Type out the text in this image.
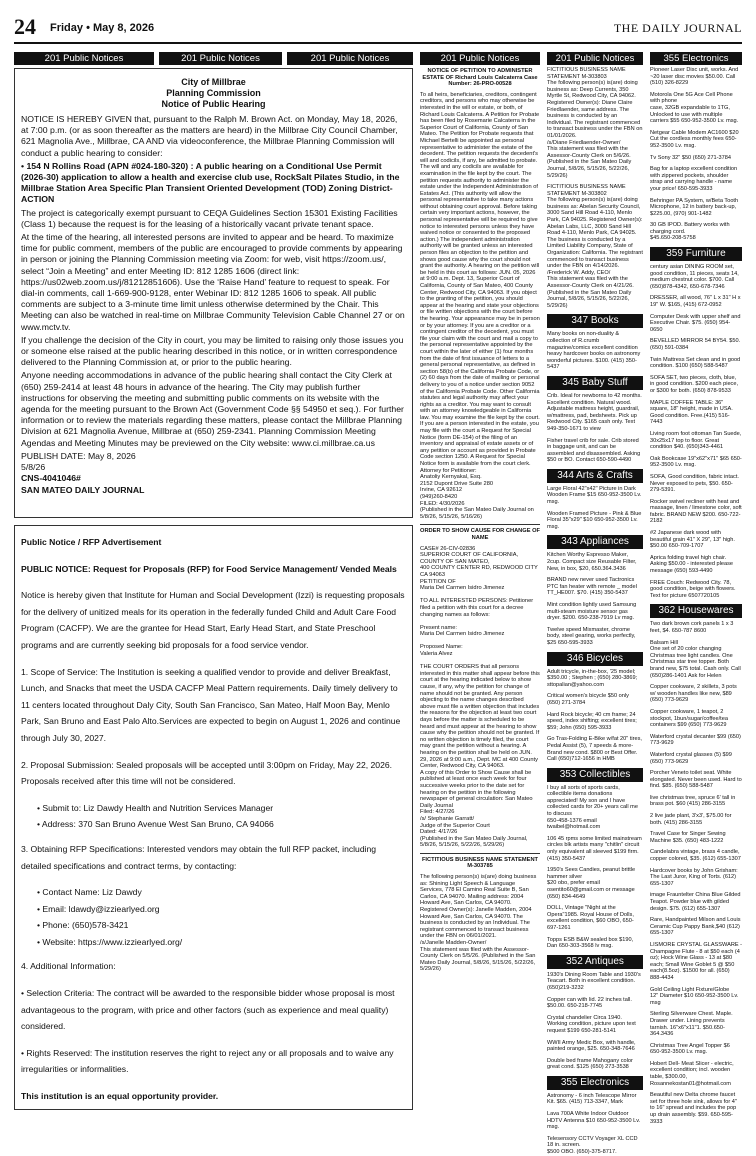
24 Friday • May 8, 2026	THE DAILY JOURNAL
201 Public Notices	201 Public Notices	201 Public Notices
City of Millbrae
Planning Commission
Notice of Public Hearing

NOTICE IS HEREBY GIVEN that, pursuant to the Ralph M. Brown Act. on Monday, May 18, 2026, at 7:00 p.m. (or as soon thereafter as the matters are heard) in the Millbrae City Council Chamber, 621 Magnolia Ave., Millbrae, CA AND via videoconference, the Millbrae Planning Commission will conduct a public hearing to consider:

• 154 N Rollins Road (APN #024-180-320) : A public hearing on a Conditional Use Permit (2026-30) application to allow a health and exercise club use, RockSalt Pilates Studio, in the Millbrae Station Area Specific Plan Transient Oriented Development (TOD) Zoning District-ACTION

The project is categorically exempt pursuant to CEQA Guidelines Section 15301 Existing Facilities (Class 1) because the request is for the leasing of a historically vacant private tenant space.

At the time of the hearing, all interested persons are invited to appear and be heard. To maximize time for public comment, members of the public are encouraged to provide comments by appearing in person or joining the Planning Commission meeting via Zoom: for web, visit https://zoom.us/, select “Join a Meeting” and enter Meeting ID: 812 1285 1606 (direct link: https://us02web.zoom.us/j/81212851606). Use the ‘Raise Hand’ feature to request to speak. For dial-in comments, call 1-669-900-9128, enter Webinar ID: 812 1285 1606 to speak. All public comments are subject to a 3-minute time limit unless otherwise determined by the Chair. This Meeting can also be watched in real-time on Millbrae Community Television Cable Channel 27 or on www.mctv.tv.

If you challenge the decision of the City in court, you may be limited to raising only those issues you or someone else raised at the public hearing described in this notice, or in written correspondence delivered to the Planning Commission at, or prior to the public hearing.

Anyone needing accommodations in advance of the public hearing shall contact the City Clerk at (650) 259-2414 at least 48 hours in advance of the hearing. The City may publish further instructions for observing the meeting and submitting public comments on its website with the agenda for the meeting pursuant to the Brown Act (Government Code §§ 54950 et seq.). For further information or to review the materials regarding these matters, please contact the Millbrae Planning Division at 621 Magnolia Avenue, Millbrae at (650) 259-2341. Planning Commission Meeting Agendas and Meeting Minutes may be previewed on the City website: www.ci.millbrae.ca.us

PUBLISH DATE: May 8, 2026
5/8/26
CNS-4041046#
SAN MATEO DAILY JOURNAL

Public Notice / RFP Advertisement

PUBLIC NOTICE: Request for Proposals (RFP) for Food Service Management/ Vended Meals

Notice is hereby given that Institute for Human and Social Development (Izzi) is requesting proposals for the delivery of unitized meals for its operation in the federally funded Child and Adult Care Food Program (CACFP). We are the grantee for Head Start, Early Head Start, and State Preschool programs and are currently seeking bid proposals for a food service vendor.

1. Scope of Service: The Institution is seeking a qualified vendor to provide and deliver Breakfast, Lunch, and Snacks that meet the USDA CACFP Meal Pattern requirements. Daily timely delivery to 11 centers located throughout Daly City, South San Francisco, San Mateo, Half Moon Bay, Menlo Park, San Bruno and East Palo Alto.Services are expected to begin on August 1, 2026 and continue through July 30, 2027.

2. Proposal Submission: Sealed proposals will be accepted until 3:00pm on Friday, May 22, 2026. Proposals received after this time will not be considered.

• Submit to: Liz Dawdy Health and Nutrition Services Manager
• Address: 370 San Bruno Avenue West San Bruno, CA 94066

3. Obtaining RFP Specifications: Interested vendors may obtain the full RFP packet, including detailed specifications and contract terms, by contacting:

• Contact Name: Liz Dawdy
• Email: ldawdy@izziearlyed.org
• Phone: (650)578-3421
• Website: https://www.izziearlyed.org/

4. Additional Information:

• Selection Criteria: The contract will be awarded to the responsible bidder whose proposal is most advantageous to the program, with price and other factors (such as experience and meal quality) considered.

• Rights Reserved: The institution reserves the right to reject any or all proposals and to waive any irregularities or informalities.

This institution is an equal opportunity provider.

201 Public Notices

NOTICE OF PETITION TO ADMINISTER ESTATE OF Richard Louis Calcaterra Case Number: 26-PRO-00528

To all heirs, beneficiaries, creditors, contingent creditors, and persons who may otherwise be interested in the will or estate, or both, of Richard Louis Calcaterra. A Petition for Probate has been filed by Rosemarie Calcaterra in the Superior Court of California, County of San Mateo. The Petition for Probate requests that Michael Bertelli be appointed as personal representative to administer the estate of the decedent. The petition requests the decedent's will and codicils, if any, be admitted to probate. The will and any codicils are available for examination in the file kept by the court. The petition requests authority to administer the estate under the Independent Administration of Estates Act. (This authority will allow the personal representative to take many actions without obtaining court approval. Before taking certain very important actions, however, the personal representative will be required to give notice to interested persons unless they have waived notice or consented to the proposed action.) The independent administration authority will be granted unless an interested person files an objection to the petition and shows good cause why the court should not grant the authority. A hearing on the petition will be held in this court as follows: JUN. 05, 2026 at 9:00 a.m. Dept. 13, Superior Court of California, County of San Mateo, 400 County Center, Redwood City, CA 94063. If you object to the granting of the petition, you should appear at the hearing and state your objections or file written objections with the court before the hearing. Your appearance may be in person or by your attorney. If you are a creditor or a contingent creditor of the decedent, you must file your claim with the court and mail a copy to the personal representative appointed by the court within the later of either (1) four months from the date of first issuance of letters to a general personal representative, as defined in section 58(b) of the California Probate Code, or (2) 60 days from the date of mailing or personal delivery to you of a notice under section 9052 of the California Probate Code. Other California statutes and legal authority may affect your rights as a creditor. You may want to consult with an attorney knowledgeable in California law. You may examine the file kept by the court. If you are a person interested in the estate, you may file with the court a Request for Special Notice (form DE-154) of the filing of an inventory and appraisal of estate assets or of any petition or account as provided in Probate Code section 1250. A Request for Special Notice form is available from the court clerk.
Attorney for Petitioner:
Anatoliy Kernyakal, Esq.
2152 Dupont Drive Suite 280
Irvine, CA 92612
(949)260-8420
FILED: 4/30/2026
(Published in the San Mateo Daily Journal on 5/8/26, 5/15/26, 5/16/26)

ORDER TO SHOW CAUSE FOR CHANGE OF NAME

CASE# 26-CIV-02836
SUPERIOR COURT OF CALIFORNIA, COUNTY OF SAN MATEO,
400 COUNTY CENTER RD, REDWOOD CITY CA 94063
PETITION OF
Maria Del Carmen Isidro Jimenez

TO ALL INTERESTED PERSONS: Petitioner filed a petition with this court for a decree changing names as follows:

Present name:
Maria Del Carmen Isidro Jimenez

Proposed Name:
Valeria Alvez

THE COURT ORDERS that all persons interested in this matter shall appear before this court at the hearing indicated below to show cause, if any, why the petition for change of name should not be granted. Any person objecting to the name changes described above must file a written objection that includes the reasons for the objection at least two court days before the matter is scheduled to be heard and must appear at the hearing to show cause why the petition should not be granted. If no written objection is timely filed, the court may grant the petition without a hearing. A hearing on the petition shall be held on JUN. 29, 2026 at 9:00 a.m., Dept. MC at 400 County Center, Redwood City, CA 94063.
A copy of this Order to Show Cause shall be published at least once each week for four successive weeks prior to the date set for hearing on the petition in the following newspaper of general circulation: San Mateo Daily Journal
Filed: 4/27/26
/s/ Stephanie Garratt/
Judge of the Superior Court
Dated: 4/17/26
(Published in the San Mateo Daily Journal, 5/8/26, 5/15/26, 5/22/26, 5/29/26)

FICTITIOUS BUSINESS NAME STATEMENT M-303785

The following person(s) is(are) doing business as: Shining Light Speech & Language Services, 778 El Camino Real Suite B, San Carlos, CA 94070. Mailing address: 2004 Howard Ave, San Carlos, CA 94070. Registered Owner(s): Janelle Madden, 2004 Howard Ave, San Carlos, CA 94070. The business is conducted by an Individual. The registrant commenced to transact business under the FBN on 06/01/2021.
/s/Janelle Madden-Owner/
This statement was filed with the Assessor-County Clerk on 5/5/26. (Published in the San Mateo Daily Journal, 5/8/26, 5/15/26, 5/22/26, 5/29/26)

201 Public Notices
FICTITIOUS BUSINESS NAME STATEMENT M-303803
The following person(s) is(are) doing business as: Deep Currents, 350 Myrtle St, Redwood City, CA 94062. Registered Owner(s): Diane Claire Friedlaender, same address. The business is conducted by an Individual. The registrant commenced to transact business under the FBN on 01/01/2026.
/s/Diane Friedlaender-Owner/
This statement was filed with the Assessor-County Clerk on 5/6/26. (Published in the San Mateo Daily Journal, 5/8/26, 5/15/26, 5/22/26, 5/29/26)
FICTITIOUS BUSINESS NAME STATEMENT M-303802
The following person(s) is(are) doing business as: Abelan Security Council, 3000 Sand Hill Road 4-110, Menlo Park, CA 94025. Registered Owner(s): Abelan Labs, LLC, 3000 Sand Hill Road 4-110, Menlo Park, CA 94025. The business is conducted by a Limited Liability Company, State of Organization: California. The registrant commenced to transact business under the FBN on 4/14/2026.
/Frederick W. Addy, CEO/
This statement was filed with the Assessor-County Clerk on 4/21/26. (Published in the San Mateo Daily Journal, 5/8/26, 5/15/26, 5/22/26, 5/29/26)
347 Books
Many books on non-duality & collection of R.crumb magazine/comics excellent condition heavy hardcover books on astronomy wonderful pictures. $100. (415) 350-5437
345 Baby Stuff
Crib. Ideal for newborns to 42 months. Excellent condition. Natural wood. Adjustable mattress height, guardrail, w/mattress, pad, bedsheets. Pick up Redwood City. $165 cash only. Text 949-350-1671 to view
Fisher travel crib for sale. Crib stored in baggage unit, and can be assembled and disassembled. Asking $50 or BO. Contact 650-590-4490
344 Arts & Crafts
Large Floral 42"x42" Picture in Dark Wooden Frame $15 650-952-3500 Lv. msg.
Wooden Framed Picture - Pink & Blue Floral 35"x29" $10 650-952-3500 Lv. msg.
343 Appliances
Kitchen Worthy Espresso Maker, 2cup. Compact size Reusable Filter, New, in box, $20, 650.364.3436
BRAND new never used Tactronics PTC fan heater with remote _ model TT_HE007. $70. (415) 350-5437
Mint condition lightly used Samsung multi-steam moisture sensor gas dryer. $200. 650-238-7919 Lv msg.
Twelve speed Mixmaster, chrome body, steel gearing, works perfectly, $25 650-595-3933
346 Bicycles
Adult tricycle, in-the-box, '25 model; $350.00 ; Stephen ; (650) 280-3869; sttopalian@yahoo.com
Critical women's bicycle $50 only (650) 271-3784
Hard Rock bicycle; 40 cm frame; 24 speed, index shifting; excellent tires; $59; John (650) 595-3933
Go Tras-Folding E-Bike w/fat 20" tires, Pedal Assist (5), 7 speeds & more-Brand new cond. $800 or Best Offer. Call (650)712-1656 in HMB
353 Collectibles
I buy all sorts of sports cards, collectible items donations appreciated! My son and I have collected cards for 20+ years call me to discuss
650-458-1376 email twaibel@hotmail.com
106 45 rpms some limited mainstream circles blk artists many "chitlin" circuit only equivalent all sleeved $199 firm. (415) 350-5437
1950's Sees Candies, peanut brittle hammer silver
$20 obo, prefer email osentito60@gmail.com or message (650) 834-4649
DOLL, Vintage "Night at the Opera"1985. Royal House of Dolls, excellent condition, $60 OBO, 650-697-1261
Topps ESB B&W sealed box $190, Dan 650-303-3568 lv msg.
352 Antiques
1930's Dining Room Table and 1930's Teacart. Both in excellent condition. (650)219-3232
Copper can with lid. 22 inches tall. $50.00. 650-218-7745
Crystal chandelier Circa 1940. Working condition, picture upon text request $199 650-281-5141
WWII Army Medic Box, with handle, painted orange, $25. 650-348-7646
Double bed frame Mahogany color great cond. $125 (650) 273-3538
355 Electronics
Astronomy - 6 inch Telescope Mirror Kit. $65. (415) 713-3347, Mark
Lava 700A White Indoor Outdoor HDTV Antenna $10 650-952-3500 Lv. msg.
Telesensory CCTV Voyager XL CCD 18 in. screen.
$500 OBO. (650)-375-8717.
355 Electronics
Pioneer Laser Disc unit, works. And ~20 laser disc movies $50.00. Call (510) 326-8229
Motorola One 5G Ace Cell Phone with phone
case, 32GB expandable to 1TG, Unlocked to use with multiple carriers $55 650-952-3500 Lv. msg.
Netgear Cable Modem AC1600 $20 Cut the cordless monthly fees 650-952-3500 Lv. msg.
Tv Sony 32" $50 (650) 271-3784
Bag for a laptop excellent condition with zippered pockets, shoulder strap and carrying handle - name your price! 650-595-3933
Behringer PA System, w/Beta Tooth Microphone, 12 in battery back-up, $225.00, (970) 901-1482
30 GB IPOD. Battery works with charging cord.
$45.650-208-5758
359 Furniture
century asian DINING ROOM set, good condition, 11 pieces, seats 14, medium chestnut color. $700. Call (650)878-4342, 650-678-7346
DRESSER, all wood, 76" L x 31" H x 19" W. $165, (415) 672-0952
Computer Desk with upper shelf and Executive Chair. $75. (650) 954-0650
BEVELLED MIRROR 54 BY54. $50. (650) 591-0384
Twin Mattress Set clean and in good condition. $100 (650) 588-5487
SOFA SET, two pieces, cloth, blue, in good condition. $200 each piece, or $300 for both. (650) 878-9533
MAPLE COFFEE TABLE: 36" square, 18" height, made in USA. Good condition. Free.(415) 516-7443
Living room foot ottoman Tan Suede, 30x25x17 top to floor. Great condition $40. (650)343-4461
Oak Bookcase 19"x62"x71" $65 650-952-3500 Lv. msg.
SOFA, Good condition, fabric intact. Never exposed to pets, $50. 650-279-5391.
Rocker swivel recliner with heat and massage, linen / limestone color, soft fabric. BRAND NEW $200. 650-722-2182
#2 Japanese dark wood with beautiful grain 41" X 29", 13" high. $50.00 650-709-1707
Aprica folding travel high chair. Asking $50.00 - interested please message (650) 593-4490
FREE Couch: Redwood City. 78, good condition, beige with flowers. Text for picture 6507720105
362 Housewares
Two dark brown cork panels 1 x 3 feet, $4. 650-787 8600
Balsam Hill
One set of 20 color changing Christmas tree light candles. One Christmas star tree topper. Both brand new, $75 total. Cash only. Call (650)286-1401 Ask for Helen
Copper cookware, 2 skillets, 3 pots w/ wooden handles like new, $89 (650) 773-9629
Copper cookware, 1 teapot, 2 stockpot, 1bun/sugar/coffee/tea containers $99 (650) 773-9629
Waterford crystal decanter $99 (650) 773-9629
Waterford crystal glasses (5) $99 (650) 773-9629
Porcher Veneto toilet seat. White elongated. Never been used. Hard to find. $85. (650) 588-5487
live christmas tree, spruce 6' tall in brass pot. $60 (415) 286-3155
2 live jade plant, 3'x3', $75.00 for both. (415) 286-3155
Travel Case for Singer Sewing Machine $35. (650) 483-1222
Candelabra vintage, brass 4 candle, copper colored, $35. (612) 655-1307
Hardcover books by John Grisham: The Last Juror, King of Torts. (612) 655-1307
image Frauntelter China Blue Gilded Teapot. Powder blue with gilded design. $75. (612) 655-1307
Rare, Handpainted Milson and Louis Ceramic Cup Pappy Bank,$40 (612) 655-1307
LISMORE CRYSTAL GLASSWARE - Champagne Flute - 8 at $50 each (4 oz); Hock Wine Glass - 13 at $80 each; Small Wine Goblet 5 @ $50 each(8.5oz). $1500 for all. (650) 888-4434
Gold Ceiling Light Fixture/Globe
12" Diameter $10 650-952-3500 Lv. msg
Sterling Silverware Chest. Maple. Drawer under. Lining prevents tarnish. 16"x6"x11"1. $50.650-364.3436
Christmas Tree Angel Topper $6 650-952-3500 Lv. msg.
Hobert Dell- Meat Slicer - electric, excellent condition; incl. wooden table, $300.00, Rosannekostan01@hotmail.com
Beautiful new Delta chrome faucet set for three hole sink, allows for 4" to 16" spread and includes the pop up drain assembly. $59. 650-595-3933
